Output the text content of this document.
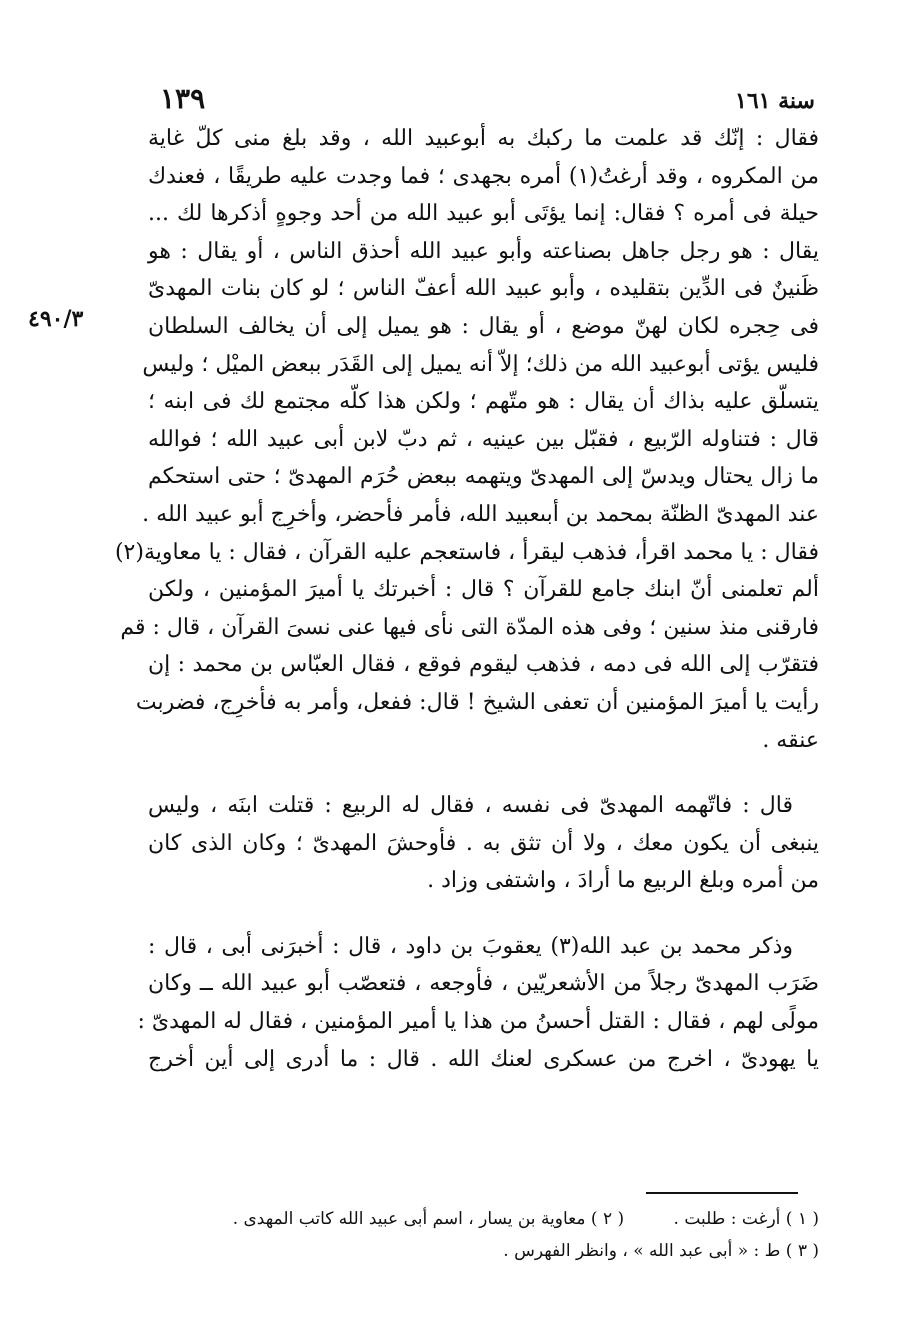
سنة ١٦١
١٣٩
٤٩٠/٣
فقال : إنّك قد علمت ما ركبك به أبوعبيد الله ، وقد بلغ منى كلّ غاية
من المكروه ، وقد أرغتُ(١) أمره بجهدى ؛ فما وجدت عليه طريقًا ، فعندك
حيلة فى أمره ؟ فقال: إنما يؤتَى أبو عبيد الله من أحد وجوهٍ أذكرها لك ...
يقال : هو رجل جاهل بصناعته وأبو عبيد الله أحذق الناس ، أو يقال : هو
ظَنينٌ فى الدِّين بتقليده ، وأبو عبيد الله أعفّ الناس ؛ لو كان بنات المهدىّ
فى حِجره لكان لهنّ موضع ، أو يقال : هو يميل إلى أن يخالف السلطان
فليس يؤتى أبوعبيد الله من ذلك؛ إلاّ أنه يميل إلى القَدَر ببعض الميْل ؛ وليس
يتسلّق عليه بذاك أن يقال : هو متّهم ؛ ولكن هذا كلّه مجتمع لك فى ابنه ؛
قال : فتناوله الرّبيع ، فقبّل بين عينيه ، ثم دبّ لابن أبى عبيد الله ؛ فوالله
ما زال يحتال ويدسّ إلى المهدىّ ويتهمه ببعض حُرَم المهدىّ ؛ حتى استحكم
عند المهدىّ الظنّة بمحمد بن أبىعبيد الله، فأمر فأحضر، وأخرِج أبو عبيد الله .
فقال : يا محمد اقرأ، فذهب ليقرأ ، فاستعجم عليه القرآن ، فقال : يا معاوية(٢)
ألم تعلمنى أنّ ابنك جامع للقرآن ؟ قال : أخبرتك يا أميرَ المؤمنين ، ولكن
فارقنى منذ سنين ؛ وفى هذه المدّة التى نأى فيها عنى نسىَ القرآن ، قال : قم
فتقرّب إلى الله فى دمه ، فذهب ليقوم فوقع ، فقال العبّاس بن محمد : إن
رأيت يا أميرَ المؤمنين أن تعفى الشيخ ! قال: ففعل، وأمر به فأخرِج، فضربت
عنقه .
قال : فاتّهمه المهدىّ فى نفسه ، فقال له الربيع : قتلت ابنَه ، وليس
ينبغى أن يكون معك ، ولا أن تثق به . فأوحشَ المهدىّ ؛ وكان الذى كان
من أمره وبلغ الربيع ما أرادَ ، واشتفى وزاد .
وذكر محمد بن عبد الله(٣) يعقوبَ بن داود ، قال : أخبرَنى أبى ، قال :
ضَرَب المهدىّ رجلاً من الأشعريّين ، فأوجعه ، فتعصّب أبو عبيد الله ــ وكان
مولًى لهم ، فقال : القتل أحسنُ من هذا يا أمير المؤمنين ، فقال له المهدىّ :
يا يهودىّ ، اخرج من عسكرى لعنك الله . قال : ما أدرى إلى أين أخرج
( ١ ) أرغت : طلبت . ( ٢ ) معاوية بن يسار ، اسم أبى عبيد الله كاتب المهدى .
( ٣ ) ط : « أبى عبد الله » ، وانظر الفهرس .
